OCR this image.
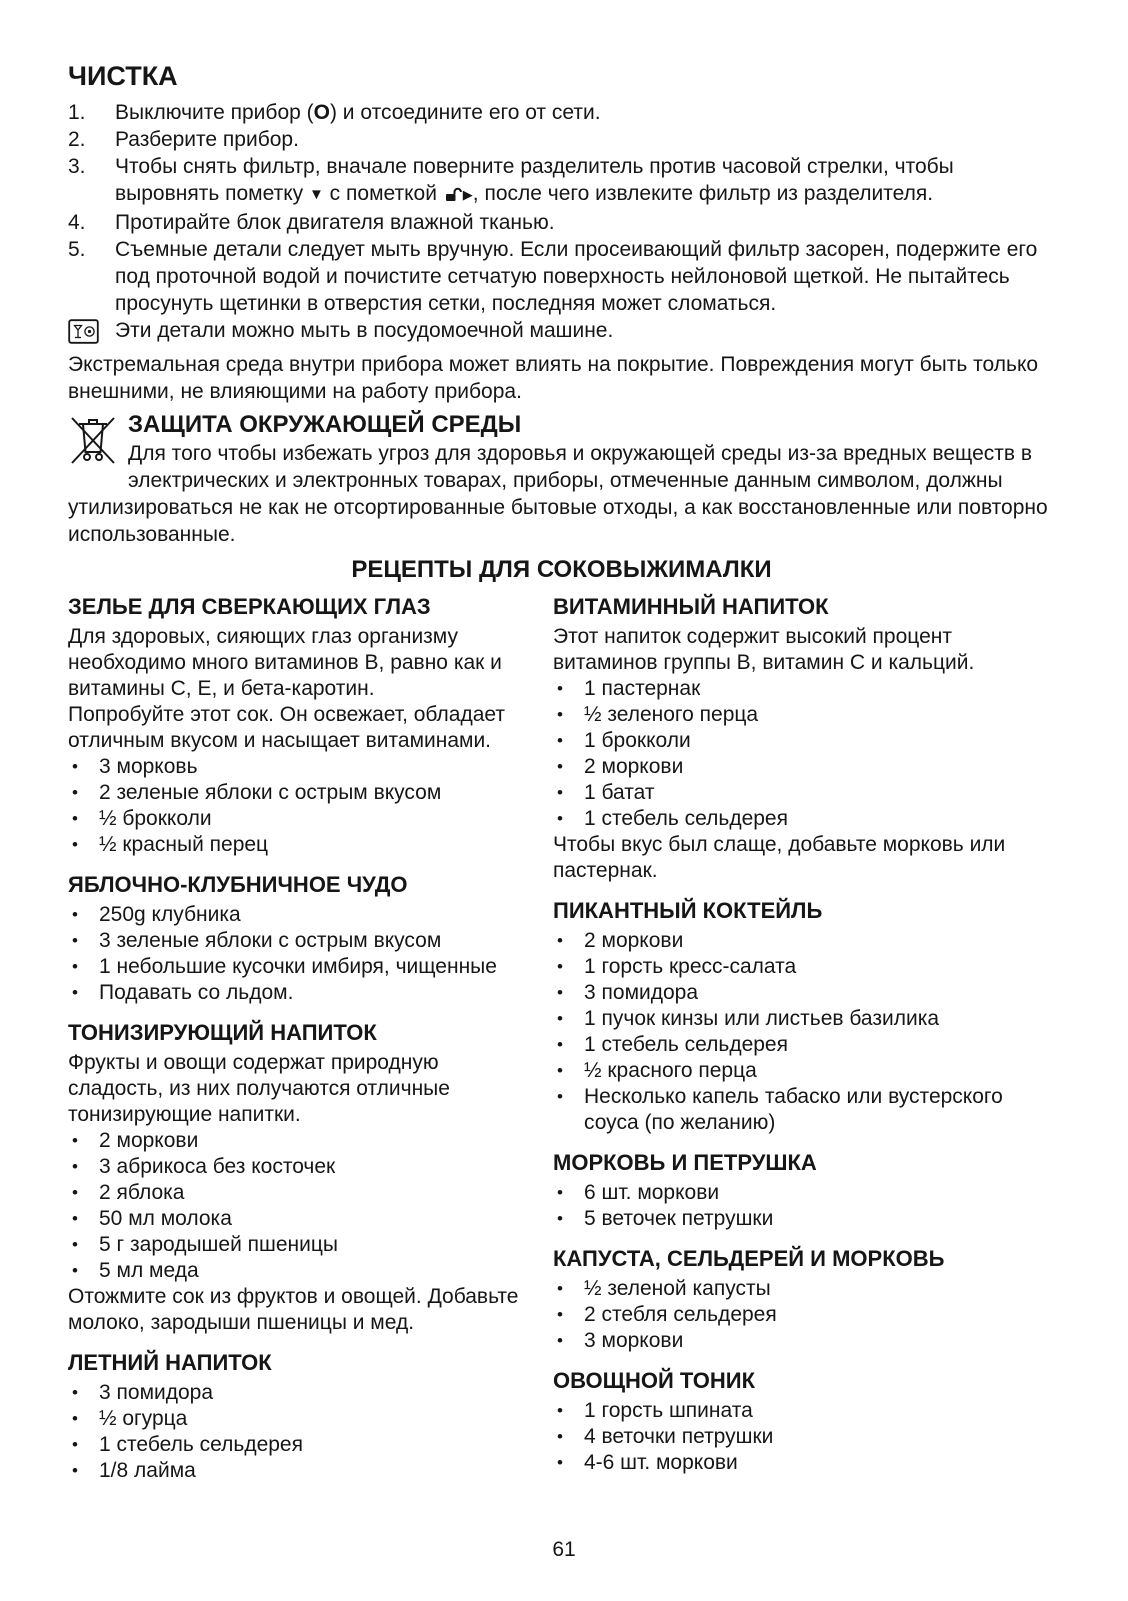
ЧИСТКА
1.	Выключите прибор (O) и отсоедините его от сети.
2.	Разберите прибор.
3.	Чтобы снять фильтр, вначале поверните разделитель против часовой стрелки, чтобы выровнять пометку ▼ с пометкой ▶, после чего извлеките фильтр из разделителя.
4.	Протирайте блок двигателя влажной тканью.
5.	Съемные детали следует мыть вручную. Если просеивающий фильтр засорен, подержите его под проточной водой и почистите сетчатую поверхность нейлоновой щеткой. Не пытайтесь просунуть щетинки в отверстия сетки, последняя может сломаться.
Эти детали можно мыть в посудомоечной машине.

Экстремальная среда внутри прибора может влиять на покрытие. Повреждения могут быть только внешними, не влияющими на работу прибора.

ЗАЩИТА ОКРУЖАЮЩЕЙ СРЕДЫ

Для того чтобы избежать угроз для здоровья и окружающей среды из-за вредных веществ в электрических и электронных товарах, приборы, отмеченные данным символом, должны утилизироваться не как не отсортированные бытовые отходы, а как восстановленные или повторно использованные.

РЕЦЕПТЫ ДЛЯ СОКОВЫЖИМАЛКИ
ЗЕЛЬЕ ДЛЯ СВЕРКАЮЩИХ ГЛАЗ

Для здоровых, сияющих глаз организму необходимо много витаминов B, равно как и витамины C, E, и бета-каротин.

Попробуйте этот сок. Он освежает, обладает отличным вкусом и насыщает витаминами.

•	3 морковь
•	2 зеленые яблоки с острым вкусом
•	½ брокколи
•	½ красный перец
ЯБЛОЧНО-КЛУБНИЧНОЕ ЧУДО
•	250g клубника
•	3 зеленые яблоки с острым вкусом
•	1 небольшие кусочки имбиря, чищенные
•	Подавать со льдом.
ТОНИЗИРУЮЩИЙ НАПИТОК

Фрукты и овощи содержат природную сладость, из них получаются отличные тонизирующие напитки.

•	2 моркови
•	3 абрикоса без косточек
•	2 яблока
•	50 мл молока
•	5 г зародышей пшеницы
•	5 мл меда

Отожмите сок из фруктов и овощей. Добавьте молоко, зародыши пшеницы и мед.

ЛЕТНИЙ НАПИТОК
•	3 помидора
•	½ огурца
•	1 стебель сельдерея
•	1/8 лайма
ВИТАМИННЫЙ НАПИТОК

Этот напиток содержит высокий процент витаминов группы B, витамин C и кальций.

•	1 пастернак
•	½ зеленого перца
•	1 брокколи
•	2 моркови
•	1 батат
•	1 стебель сельдерея

Чтобы вкус был слаще, добавьте морковь или пастернак.

ПИКАНТНЫЙ КОКТЕЙЛЬ
•	2 моркови
•	1 горсть кресс-салата
•	3 помидора
•	1 пучок кинзы или листьев базилика
•	1 стебель сельдерея
•	½ красного перца
•	Несколько капель табаско или вустерского соуса (по желанию)
МОРКОВЬ И ПЕТРУШКА
•	6 шт. моркови
•	5 веточек петрушки
КАПУСТА, СЕЛЬДЕРЕЙ И МОРКОВЬ
•	½ зеленой капусты
•	2 стебля сельдерея
•	3 моркови
ОВОЩНОЙ ТОНИК
•	1 горсть шпината
•	4 веточки петрушки
•	4-6 шт. моркови
61
